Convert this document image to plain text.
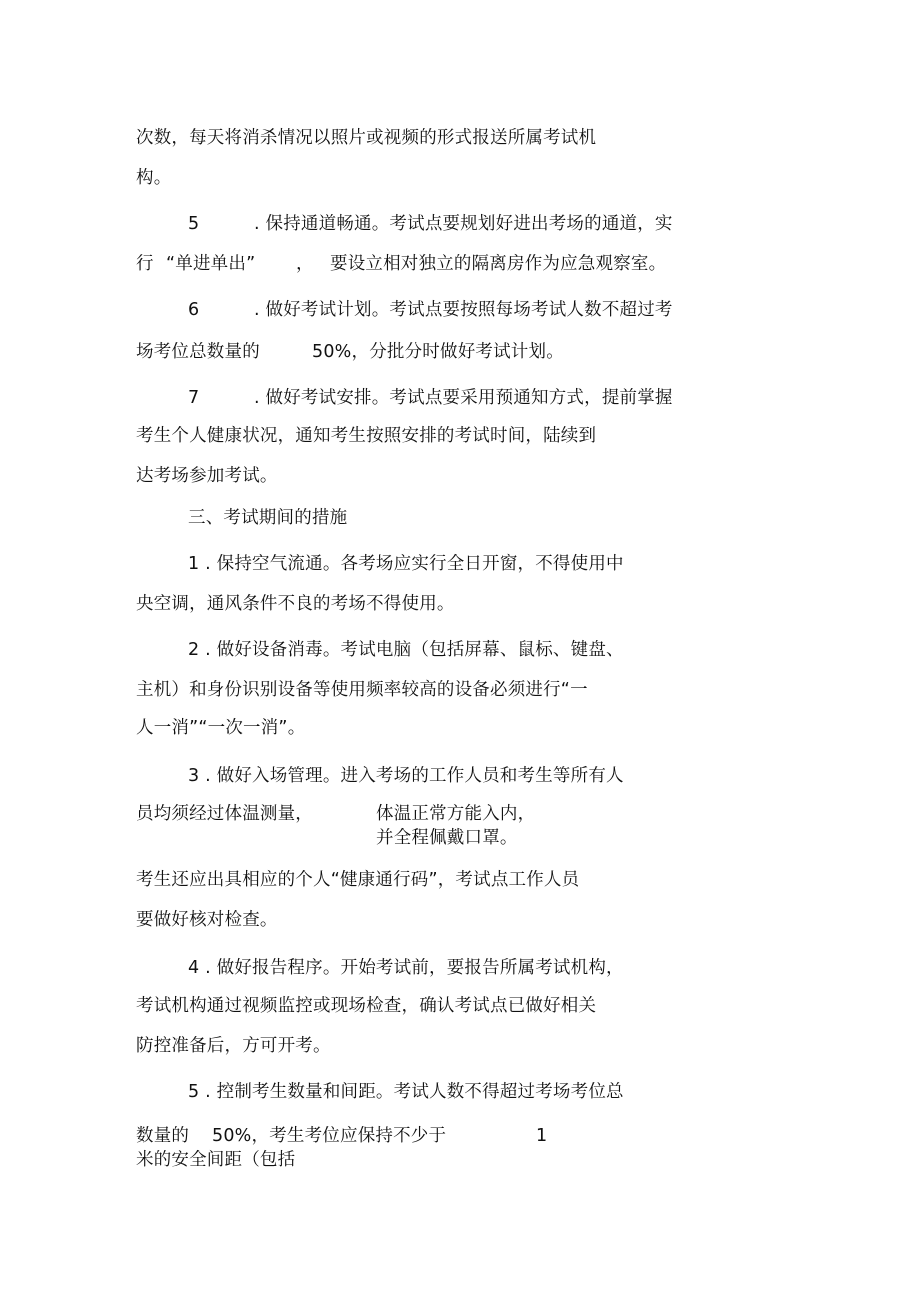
次数，每天将消杀情况以照片或视频的形式报送所属考试机
构。
5	. 保持通道畅通。考试点要规划好进出考场的通道，实
行 “单进单出” ， 要设立相对独立的隔离房作为应急观察室。
6	. 做好考试计划。考试点要按照每场考试人数不超过考
场考位总数量的	50%，分批分时做好考试计划。
7	. 做好考试安排。考试点要采用预通知方式，提前掌握
考生个人健康状况，通知考生按照安排的考试时间，陆续到
达考场参加考试。
三、考试期间的措施
1 . 保持空气流通。各考场应实行全日开窗，不得使用中
央空调，通风条件不良的考场不得使用。
2 . 做好设备消毒。考试电脑（包括屏幕、鼠标、键盘、
主机）和身份识别设备等使用频率较高的设备必须进行“一
人一消”“一次一消”。
3 . 做好入场管理。进入考场的工作人员和考生等所有人
员均须经过体温测量，	体温正常方能入内，
并全程佩戴口罩。
考生还应出具相应的个人“健康通行码”，考试点工作人员
要做好核对检查。
4 . 做好报告程序。开始考试前，要报告所属考试机构，
考试机构通过视频监控或现场检查，确认考试点已做好相关
防控准备后，方可开考。
5 . 控制考生数量和间距。考试人数不得超过考场考位总
数量的 50%，考生考位应保持不少于	1
米的安全间距（包括
